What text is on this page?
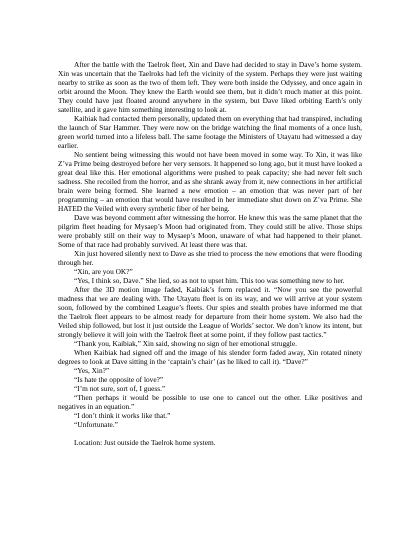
After the battle with the Taelrok fleet, Xin and Dave had decided to stay in Dave’s home system. Xin was uncertain that the Taelroks had left the vicinity of the system. Perhaps they were just waiting nearby to strike as soon as the two of them left. They were both inside the Odyssey, and once again in orbit around the Moon. They knew the Earth would see them, but it didn’t much matter at this point. They could have just floated around anywhere in the system, but Dave liked orbiting Earth’s only satellite, and it gave him something interesting to look at.

Kaibiak had contacted them personally, updated them on everything that had transpired, including the launch of Star Hammer. They were now on the bridge watching the final moments of a once lush, green world turned into a lifeless ball. The same footage the Ministers of Utayatu had witnessed a day earlier.

No sentient being witnessing this would not have been moved in some way. To Xin, it was like Z’va Prime being destroyed before her very sensors. It happened so long ago, but it must have looked a great deal like this. Her emotional algorithms were pushed to peak capacity; she had never felt such sadness. She recoiled from the horror, and as she shrank away from it, new connections in her artificial brain were being formed. She learned a new emotion – an emotion that was never part of her programming – an emotion that would have resulted in her immediate shut down on Z’va Prime. She HATED the Veiled with every synthetic fiber of her being.

Dave was beyond comment after witnessing the horror. He knew this was the same planet that the pilgrim fleet heading for Mysaep’s Moon had originated from. They could still be alive. Those ships were probably still on their way to Mysaep’s Moon, unaware of what had happened to their planet. Some of that race had probably survived. At least there was that.

Xin just hovered silently next to Dave as she tried to process the new emotions that were flooding through her.

“Xin, are you OK?”

“Yes, I think so, Dave.” She lied, so as not to upset him. This too was something new to her.

After the 3D motion image faded, Kaibiak’s form replaced it. “Now you see the powerful madness that we are dealing with. The Utayatu fleet is on its way, and we will arrive at your system soon, followed by the combined League’s fleets. Our spies and stealth probes have informed me that the Taelrok fleet appears to be almost ready for departure from their home system. We also had the Veiled ship followed, but lost it just outside the League of Worlds’ sector. We don’t know its intent, but strongly believe it will join with the Taelrok fleet at some point, if they follow past tactics.”

“Thank you, Kaibiak,” Xin said, showing no sign of her emotional struggle.

When Kaibiak had signed off and the image of his slender form faded away, Xin rotated ninety degrees to look at Dave sitting in the ‘captain’s chair’ (as he liked to call it). “Dave?”

“Yes, Xin?”

“Is hate the opposite of love?”

“I’m not sure, sort of, I guess.”

“Then perhaps it would be possible to use one to cancel out the other. Like positives and negatives in an equation.”

“I don’t think it works like that.”

“Unfortunate.”

Location: Just outside the Taelrok home system.
